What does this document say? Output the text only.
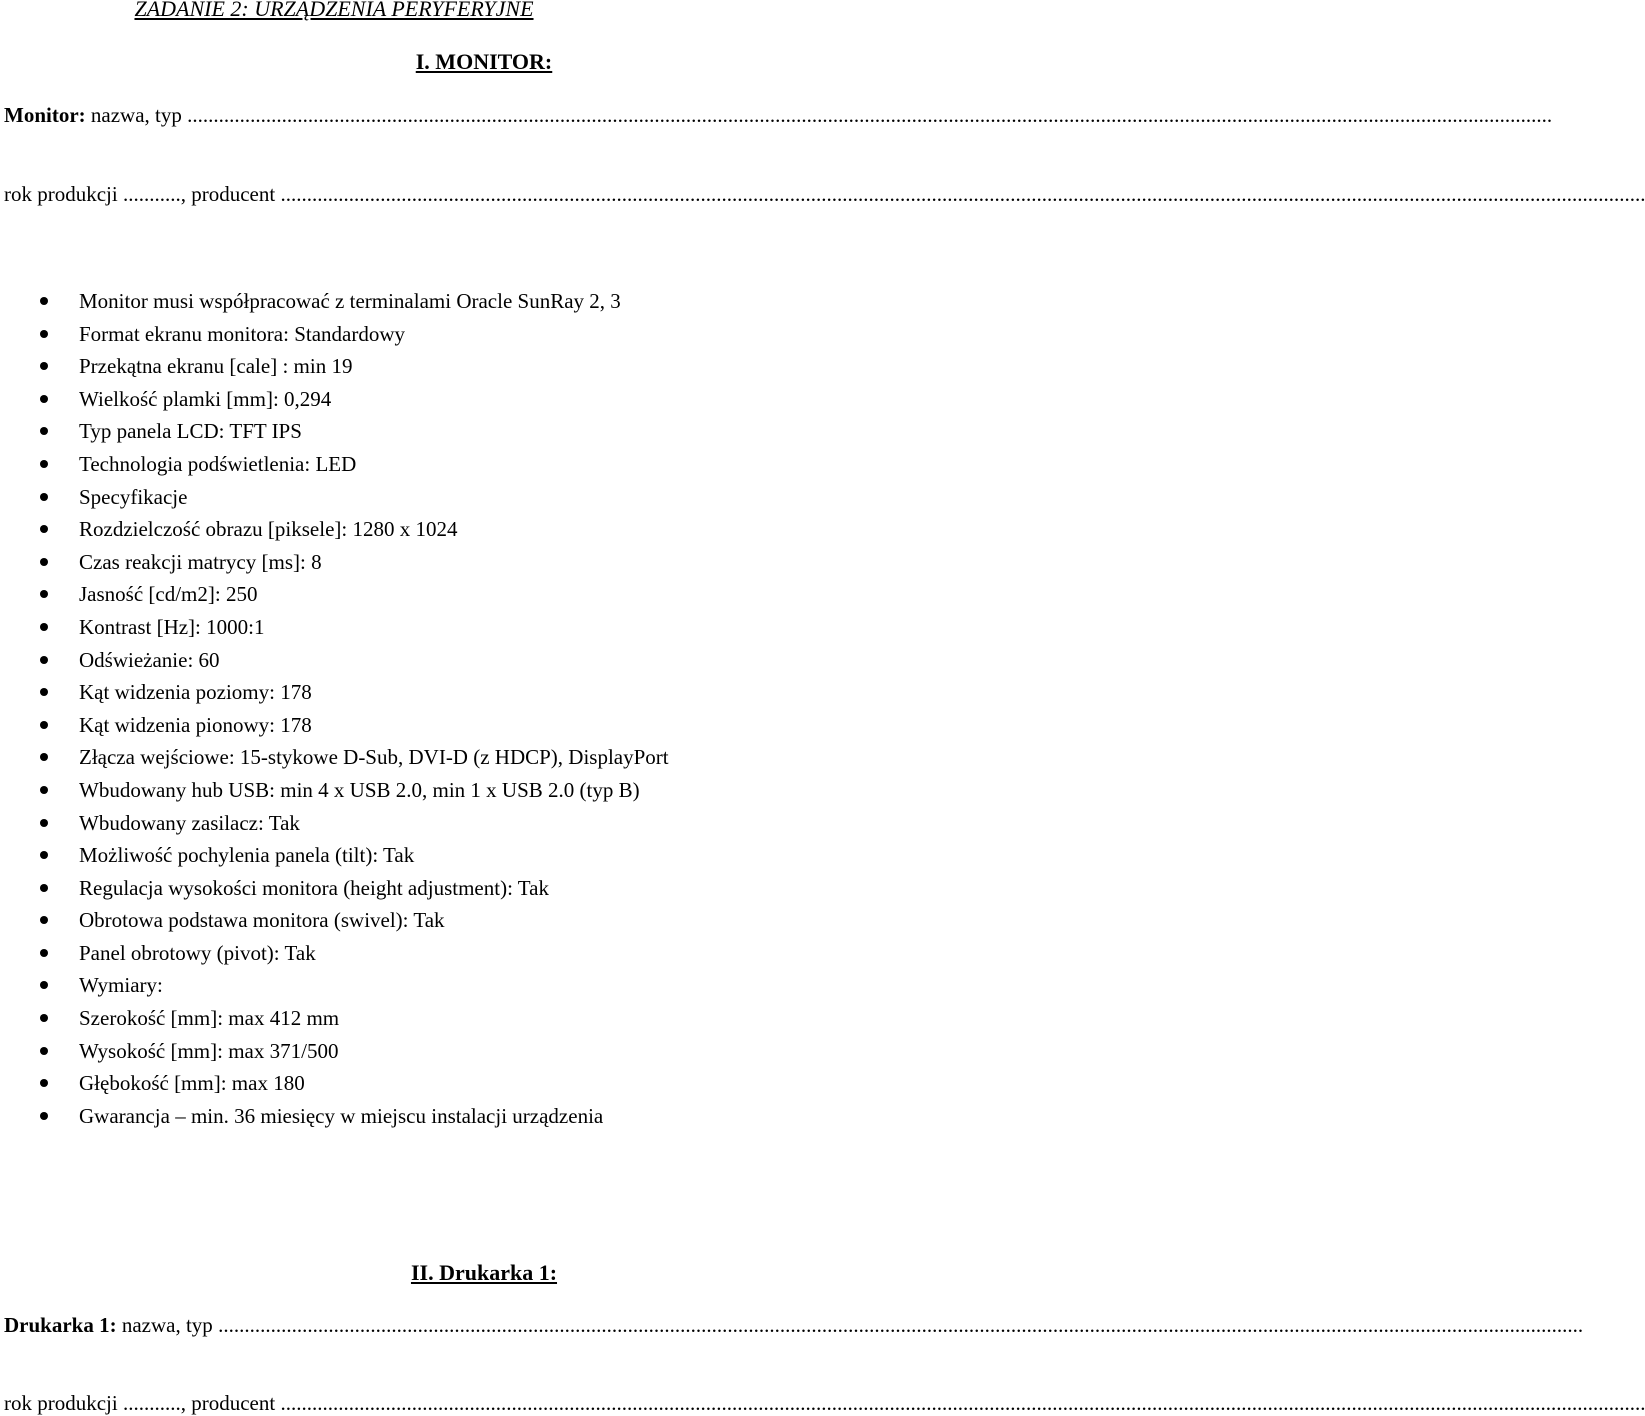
ZADANIE 2: URZĄDZENIA PERYFERYJNE
I. MONITOR:
Monitor: nazwa, typ ....................................................................................................................................................................................................................................................................
rok produkcji ..........., producent ....................................................................................................................................................................................................................................................................
Monitor musi współpracować z terminalami Oracle SunRay 2, 3
Format ekranu monitora: Standardowy
Przekątna ekranu [cale] : min 19
Wielkość plamki [mm]: 0,294
Typ panela LCD: TFT IPS
Technologia podświetlenia: LED
Specyfikacje
Rozdzielczość obrazu [piksele]: 1280 x 1024
Czas reakcji matrycy [ms]: 8
Jasność [cd/m2]: 250
Kontrast [Hz]: 1000:1
Odświeżanie: 60
Kąt widzenia poziomy: 178
Kąt widzenia pionowy: 178
Złącza wejściowe: 15-stykowe D-Sub, DVI-D (z HDCP), DisplayPort
Wbudowany hub USB: min 4 x USB 2.0, min 1 x USB 2.0 (typ B)
Wbudowany zasilacz: Tak
Możliwość pochylenia panela (tilt): Tak
Regulacja wysokości monitora (height adjustment): Tak
Obrotowa podstawa monitora (swivel): Tak
Panel obrotowy (pivot): Tak
Wymiary:
Szerokość [mm]: max 412 mm
Wysokość [mm]: max 371/500
Głębokość [mm]: max 180
Gwarancja – min. 36 miesięcy w miejscu instalacji urządzenia
II. Drukarka 1:
Drukarka 1: nazwa, typ ....................................................................................................................................................................................................................................................................
rok produkcji ..........., producent ....................................................................................................................................................................................................................................................................
